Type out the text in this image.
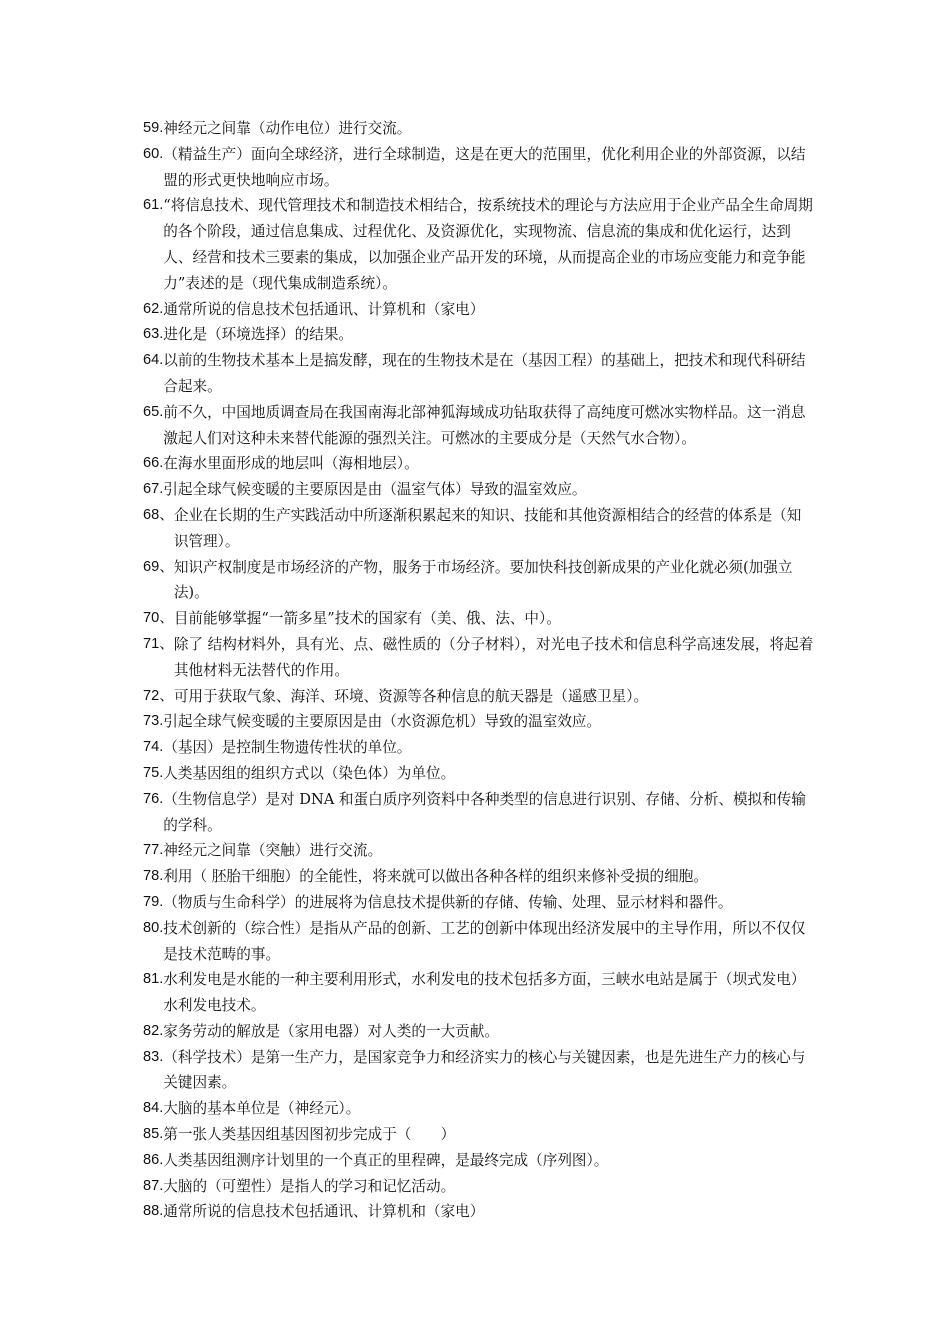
59. 神经元之间靠（动作电位）进行交流。
60. （精益生产）面向全球经济，进行全球制造，这是在更大的范围里，优化利用企业的外部资源，以结盟的形式更快地响应市场。
61. “将信息技术、现代管理技术和制造技术相结合，按系统技术的理论与方法应用于企业产品全生命周期的各个阶段，通过信息集成、过程优化、及资源优化，实现物流、信息流的集成和优化运行，达到人、经营和技术三要素的集成，以加强企业产品开发的环境，从而提高企业的市场应变能力和竞争能力”表述的是（现代集成制造系统）。
62. 通常所说的信息技术包括通讯、计算机和（家电）
63. 进化是（环境选择）的结果。
64. 以前的生物技术基本上是搞发酵，现在的生物技术是在（基因工程）的基础上，把技术和现代科研结合起来。
65. 前不久，中国地质调查局在我国南海北部神狐海域成功钻取获得了高纯度可燃冰实物样品。这一消息激起人们对这种未来替代能源的强烈关注。可燃冰的主要成分是（天然气水合物）。
66. 在海水里面形成的地层叫（海相地层）。
67. 引起全球气候变暖的主要原因是由（温室气体）导致的温室效应。
68、 企业在长期的生产实践活动中所逐渐积累起来的知识、技能和其他资源相结合的经营的体系是（知识管理）。
69、 知识产权制度是市场经济的产物，服务于市场经济。要加快科技创新成果的产业化就必须(加强立法)。
70、 目前能够掌握“一箭多星”技术的国家有（美、俄、法、中）。
71、 除了 结构材料外，具有光、点、磁性质的（分子材料），对光电子技术和信息科学高速发展，将起着其他材料无法替代的作用。
72、 可用于获取气象、海洋、环境、资源等各种信息的航天器是（遥感卫星）。
73. 引起全球气候变暖的主要原因是由（水资源危机）导致的温室效应。
74. （基因）是控制生物遗传性状的单位。
75. 人类基因组的组织方式以（染色体）为单位。
76. （生物信息学）是对 DNA 和蛋白质序列资料中各种类型的信息进行识别、存储、分析、模拟和传输的学科。
77. 神经元之间靠（突触）进行交流。
78. 利用（ 胚胎干细胞）的全能性，将来就可以做出各种各样的组织来修补受损的细胞。
79. （物质与生命科学）的进展将为信息技术提供新的存储、传输、处理、显示材料和器件。
80. 技术创新的（综合性）是指从产品的创新、工艺的创新中体现出经济发展中的主导作用，所以不仅仅是技术范畴的事。
81. 水利发电是水能的一种主要利用形式，水利发电的技术包括多方面，三峡水电站是属于（坝式发电）水利发电技术。
82. 家务劳动的解放是（家用电器）对人类的一大贡献。
83. （科学技术）是第一生产力，是国家竞争力和经济实力的核心与关键因素，也是先进生产力的核心与关键因素。
84. 大脑的基本单位是（神经元）。
85. 第一张人类基因组基因图初步完成于（　　）
86. 人类基因组测序计划里的一个真正的里程碑，是最终完成（序列图）。
87. 大脑的（可塑性）是指人的学习和记忆活动。
88. 通常所说的信息技术包括通讯、计算机和（家电）
